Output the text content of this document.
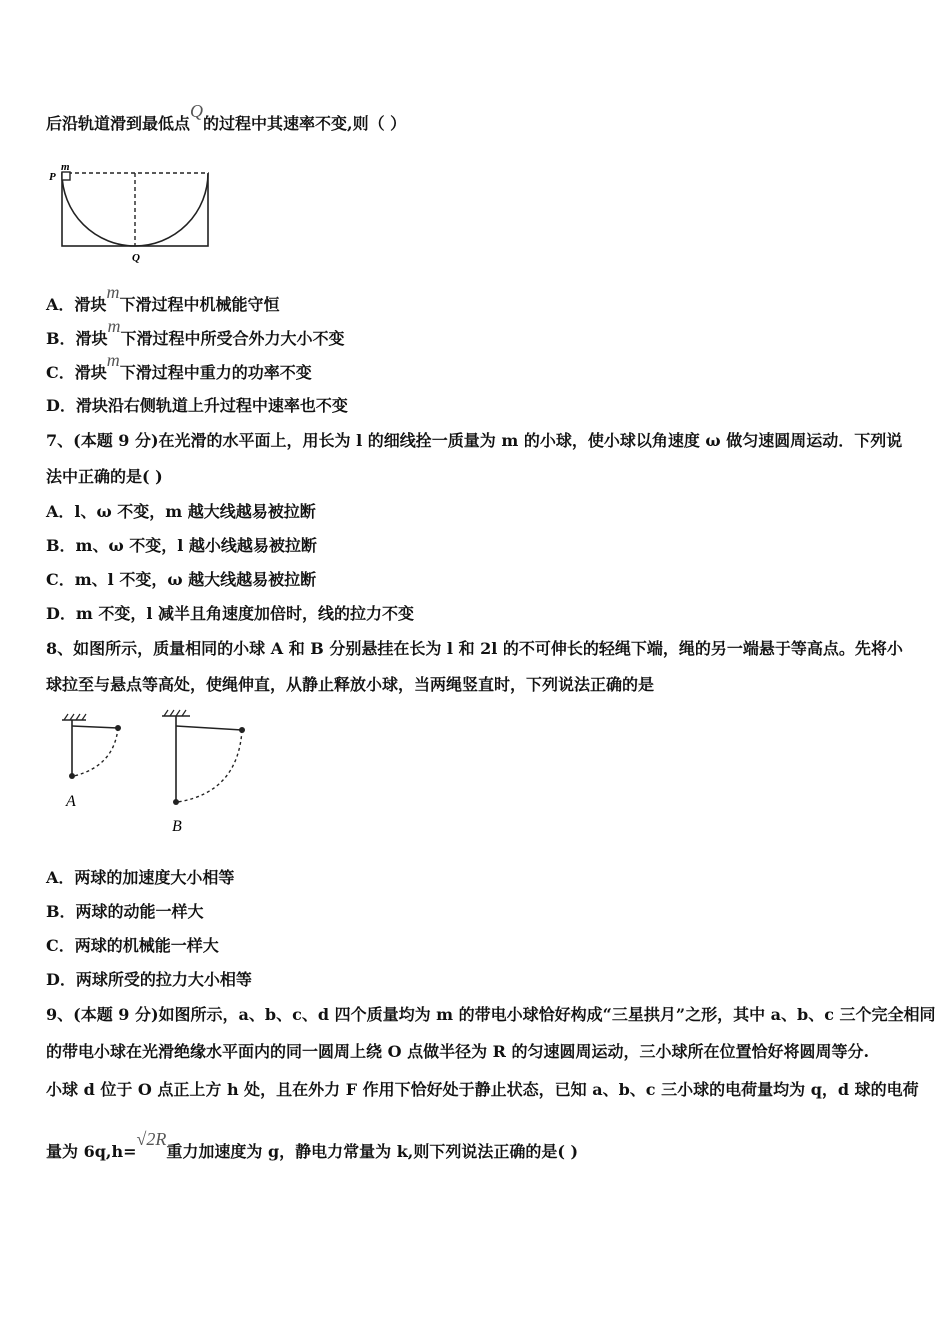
后沿轨道滑到最低点Q的过程中其速率不变,则（ ）
m
P
Q
A．滑块m下滑过程中机械能守恒
B．滑块m下滑过程中所受合外力大小不变
C．滑块m下滑过程中重力的功率不变
D．滑块沿右侧轨道上升过程中速率也不变
7、(本题 9 分)在光滑的水平面上，用长为 l 的细线拴一质量为 m 的小球，使小球以角速度 ω 做匀速圆周运动．下列说
法中正确的是( )
A．l、ω 不变，m 越大线越易被拉断
B．m、ω 不变，l 越小线越易被拉断
C．m、l 不变，ω 越大线越易被拉断
D．m 不变，l 减半且角速度加倍时，线的拉力不变
8、如图所示，质量相同的小球 A 和 B 分别悬挂在长为 l 和 2l 的不可伸长的轻绳下端，绳的另一端悬于等高点。先将小
球拉至与悬点等高处，使绳伸直，从静止释放小球，当两绳竖直时，下列说法正确的是
A
B
A．两球的加速度大小相等
B．两球的动能一样大
C．两球的机械能一样大
D．两球所受的拉力大小相等
9、(本题 9 分)如图所示，a、b、c、d 四个质量均为 m 的带电小球恰好构成“三星拱月”之形，其中 a、b、c 三个完全相同
的带电小球在光滑绝缘水平面内的同一圆周上绕 O 点做半径为 R 的匀速圆周运动，三小球所在位置恰好将圆周等分.
小球 d 位于 O 点正上方 h 处，且在外力 F 作用下恰好处于静止状态，已知 a、b、c 三小球的电荷量均为 q，d 球的电荷
量为 6q,h=√2R重力加速度为 g，静电力常量为 k,则下列说法正确的是( )
